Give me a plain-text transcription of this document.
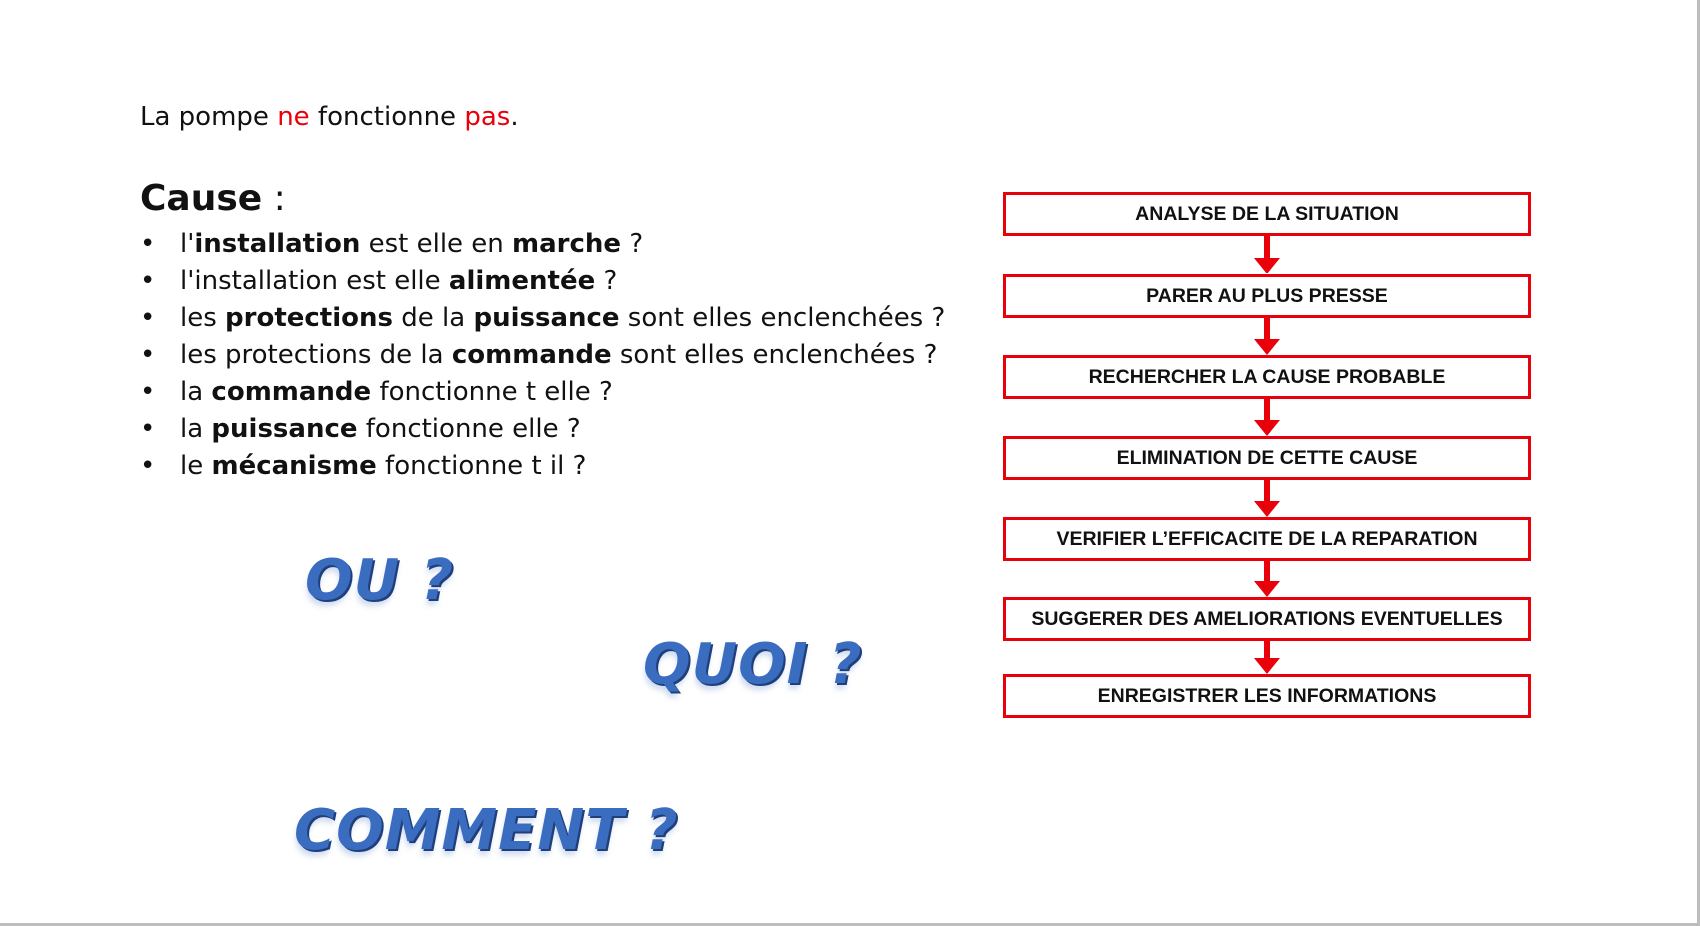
La pompe ne fonctionne pas.
Cause :
• l'installation est elle en marche ?
• l'installation est elle alimentée ?
• les protections de la puissance sont elles enclenchées ?
• les protections de la commande sont elles enclenchées ?
• la commande fonctionne t elle ?
• la puissance fonctionne elle ?
• le mécanisme fonctionne t il ?
OU ?
QUOI ?
COMMENT ?
ANALYSE DE LA SITUATION
PARER AU PLUS PRESSE
RECHERCHER LA CAUSE PROBABLE
ELIMINATION DE CETTE CAUSE
VERIFIER L’EFFICACITE DE LA REPARATION
SUGGERER DES AMELIORATIONS EVENTUELLES
ENREGISTRER LES INFORMATIONS
